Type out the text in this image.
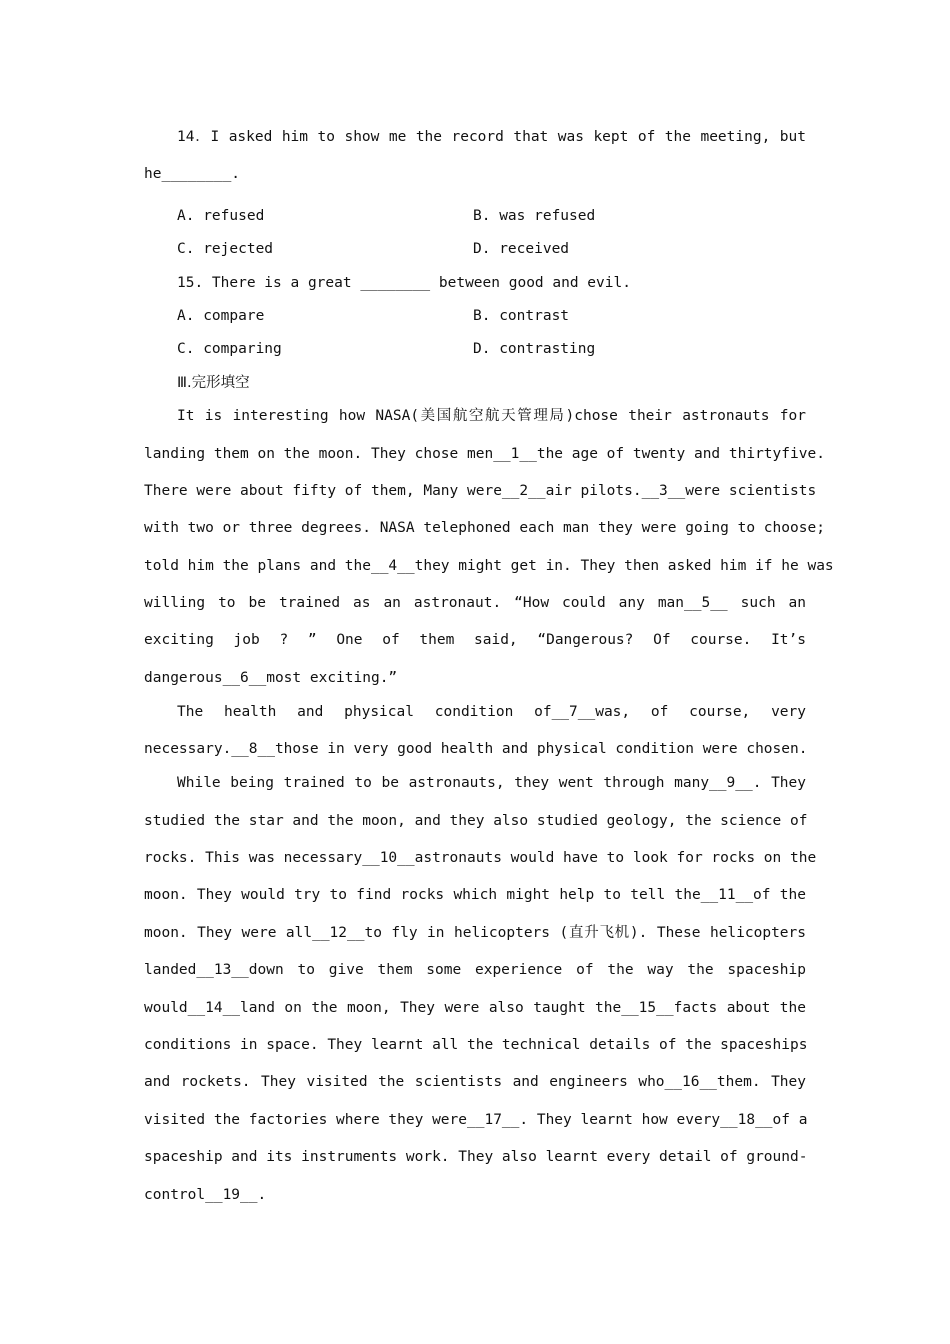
14．I asked him to show me the record that was kept of the meeting, but
he________.
A. refused	B. was refused
C. rejected	D. received
15. There is a great ________ between good and evil.
A. compare	B. contrast
C. comparing	D. contrasting
Ⅲ.完形填空
It is interesting how NASA(美国航空航天管理局)chose their astronauts for
landing them on the moon. They chose men__1__the age of twenty and thirtyfive.
There were about fifty of them, Many were__2__air pilots.__3__were scientists
with two or three degrees. NASA telephoned each man they were going to choose;
told him the plans and the__4__they might get in. They then asked him if he was
willing to be trained as an astronaut. “How could any man__5__ such an
exciting job ? ” One of them said, “Dangerous? Of course. It’s
dangerous__6__most exciting.”
The health and physical condition of__7__was, of course, very
necessary.__8__those in very good health and physical condition were chosen.
While being trained to be astronauts, they went through many__9__. They
studied the star and the moon, and they also studied geology, the science of
rocks. This was necessary__10__astronauts would have to look for rocks on the
moon. They would try to find rocks which might help to tell the__11__of the
moon. They were all__12__to fly in helicopters (直升飞机). These helicopters
landed__13__down to give them some experience of the way the spaceship
would__14__land on the moon, They were also taught the__15__facts about the
conditions in space. They learnt all the technical details of the spaceships
and rockets. They visited the scientists and engineers who__16__them. They
visited the factories where they were__17__. They learnt how every__18__of a
spaceship and its instruments work. They also learnt every detail of ground-
control__19__.
